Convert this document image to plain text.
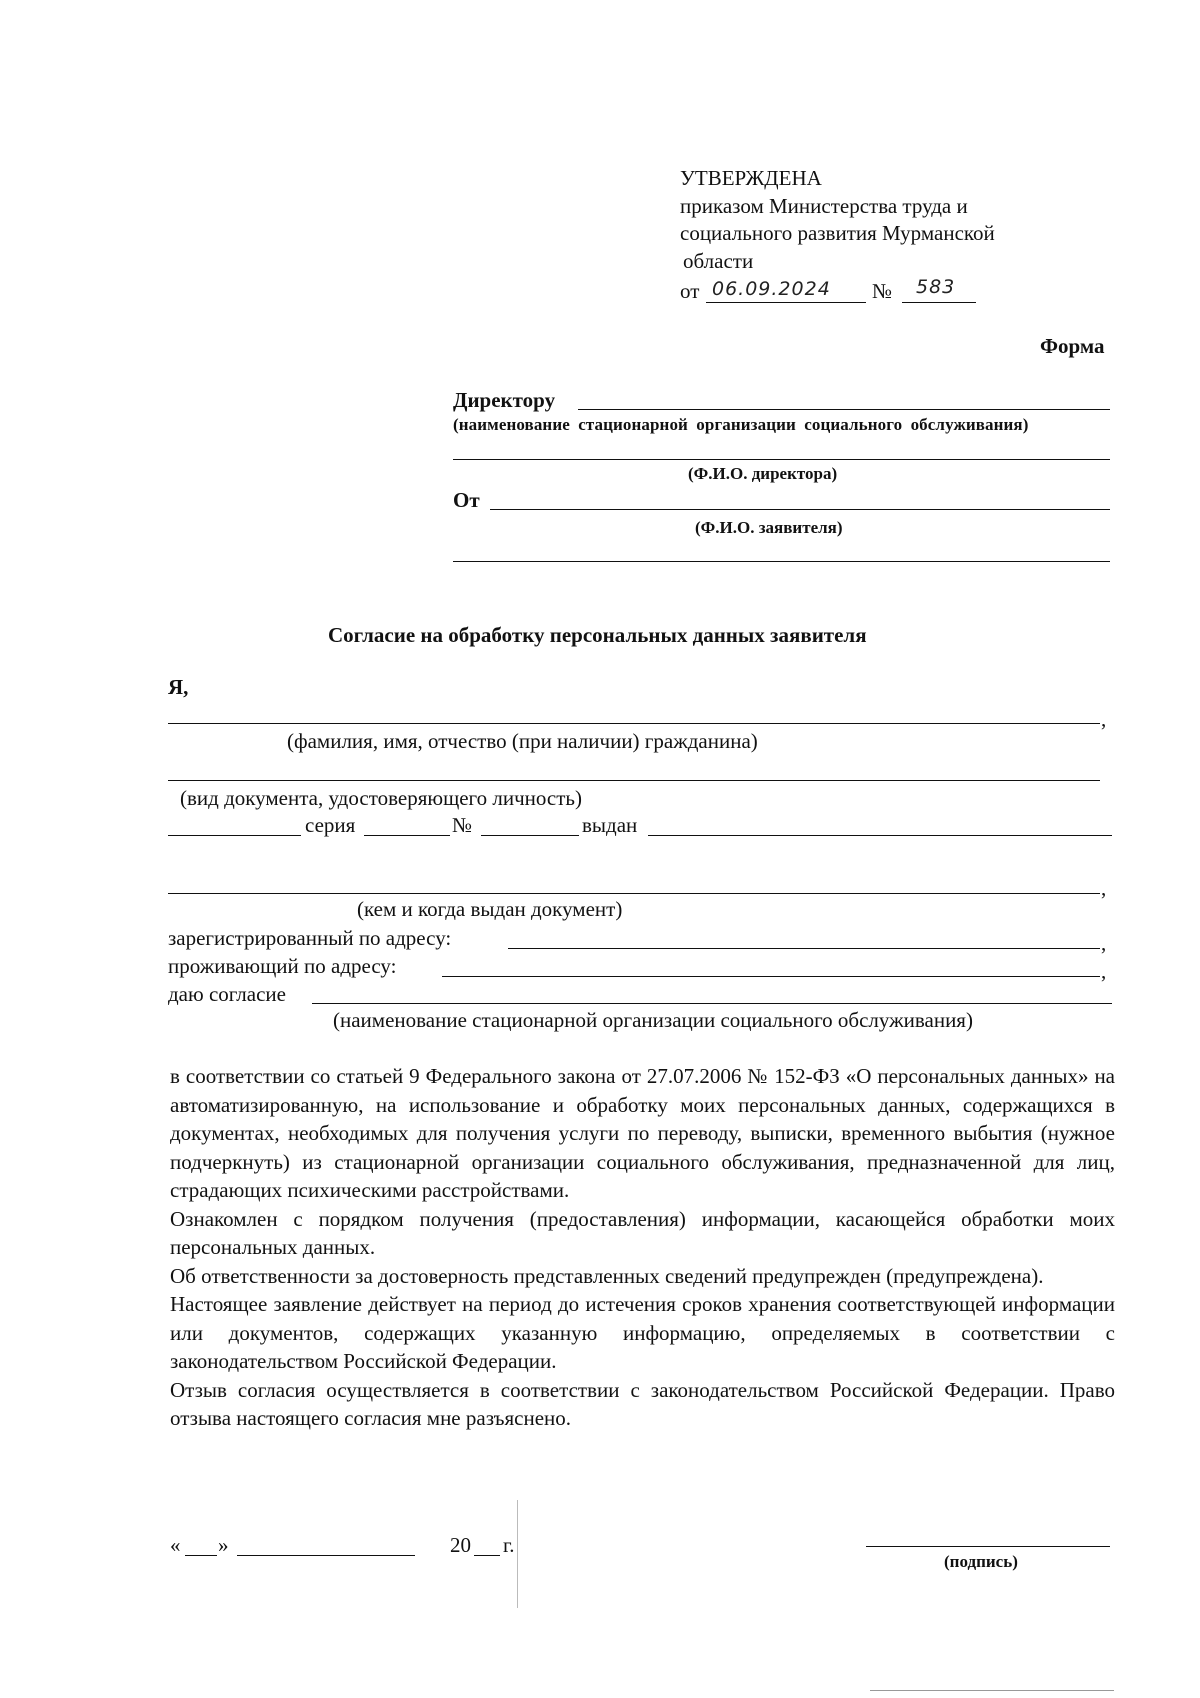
УТВЕРЖДЕНА
приказом Министерства труда и
социального развития Мурманской
области
от 06.09.2024 № 583
Форма
Директору
(наименование стационарной организации социального обслуживания)
(Ф.И.О. директора)
От
(Ф.И.О. заявителя)
Согласие на обработку персональных данных заявителя
Я,
,
(фамилия, имя, отчество (при наличии) гражданина)
(вид документа, удостоверяющего личность)
серия	№	выдан
,
(кем и когда выдан документ)
зарегистрированный по адресу:	,
проживающий по адресу:	,
даю согласие
(наименование стационарной организации социального обслуживания)

в соответствии со статьей 9 Федерального закона от 27.07.2006 № 152-ФЗ «О персональных данных» на автоматизированную, на использование и обработку моих персональных данных, содержащихся в документах, необходимых для получения услуги по переводу, выписки, временного выбытия (нужное подчеркнуть) из стационарной организации социального обслуживания, предназначенной для лиц, страдающих психическими расстройствами.

Ознакомлен с порядком получения (предоставления) информации, касающейся обработки моих персональных данных.

Об ответственности за достоверность представленных сведений предупрежден (предупреждена).

Настоящее заявление действует на период до истечения сроков хранения соответствующей информации или документов, содержащих указанную информацию, определяемых в соответствии с законодательством Российской Федерации.

Отзыв согласия осуществляется в соответствии с законодательством Российской Федерации. Право отзыва настоящего согласия мне разъяснено.

« »	20 г.
(подпись)
